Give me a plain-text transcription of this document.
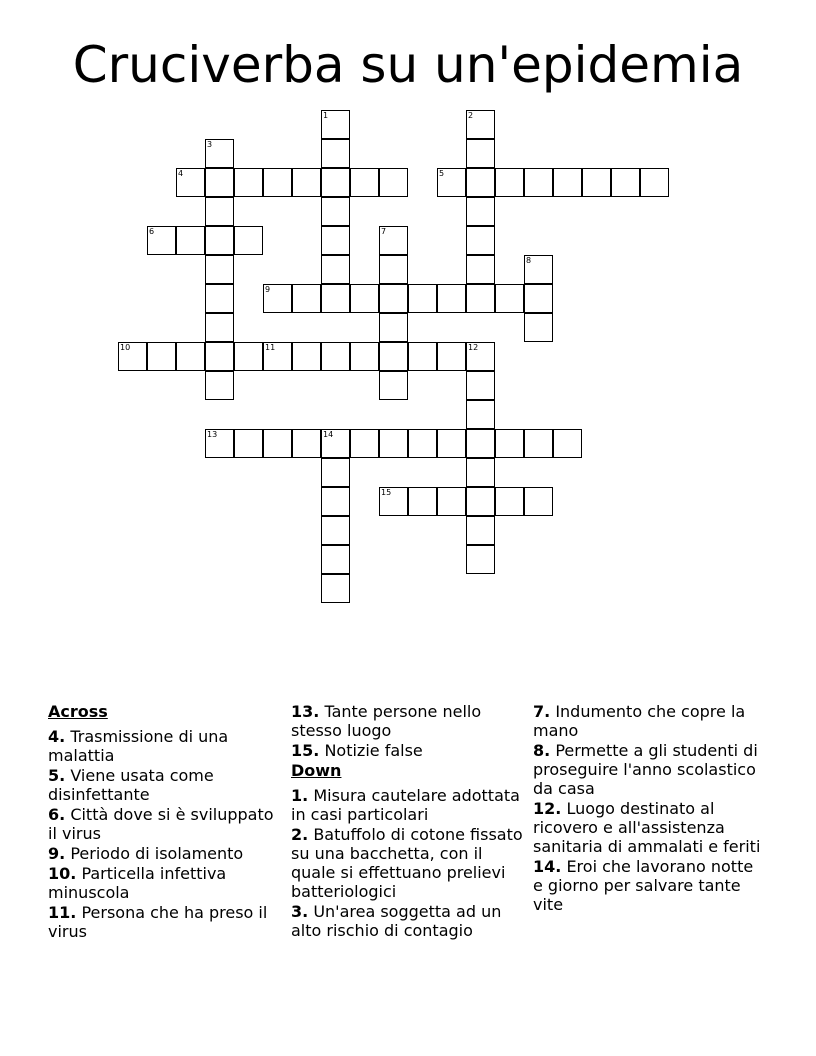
Cruciverba su un'epidemia
1	2
3
4	5
6	7
8
9
10	11	12
13	14
15
Across
4. Trasmissione di una malattia
5. Viene usata come disinfettante
6. Città dove si è sviluppato il virus
9. Periodo di isolamento
10. Particella infettiva minuscola
11. Persona che ha preso il virus
13. Tante persone nello stesso luogo
15. Notizie false
Down
1. Misura cautelare adottata in casi particolari
2. Batuffolo di cotone fissato su una bacchetta, con il quale si effettuano prelievi batteriologici
3. Un'area soggetta ad un alto rischio di contagio
7. Indumento che copre la mano
8. Permette a gli studenti di proseguire l'anno scolastico da casa
12. Luogo destinato al ricovero e all'assistenza sanitaria di ammalati e feriti
14. Eroi che lavorano notte e giorno per salvare tante vite
